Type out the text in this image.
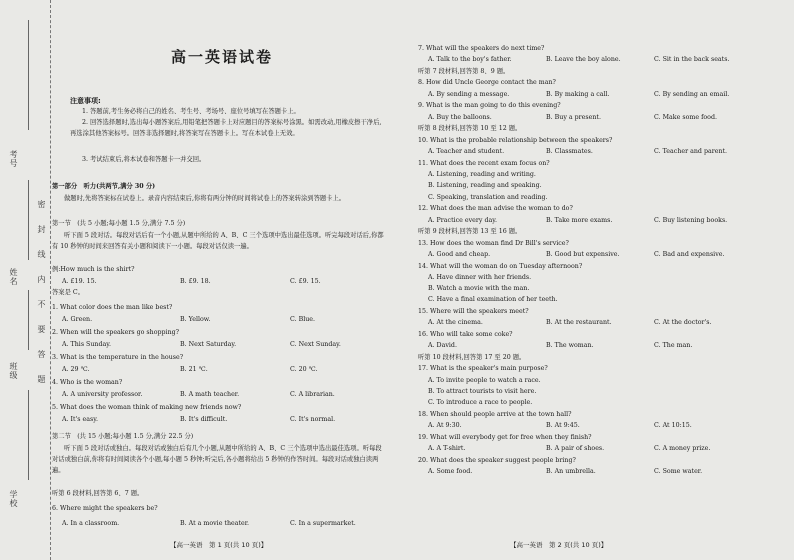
考号
姓名
班级
学校
密
封
线
内
不
要
答
题
高一英语试卷
注意事项:
1. 答题前,考生务必将自己的姓名、考生号、考场号、座位号填写在答题卡上。
2. 回答选择题时,选出每小题答案后,用铅笔把答题卡上对应题目的答案标号涂黑。如需改动,用橡皮擦干净后,再选涂其他答案标号。回答非选择题时,将答案写在答题卡上。写在本试卷上无效。
3. 考试结束后,将本试卷和答题卡一并交回。
第一部分　听力(共两节,满分 30 分)
做题时,先将答案标在试卷上。录音内容结束后,你将有两分钟的时间将试卷上的答案转涂到答题卡上。
第一节　(共 5 小题;每小题 1.5 分,满分 7.5 分)
听下面 5 段对话。每段对话后有一个小题,从题中所给的 A、B、C 三个选项中选出最佳选项。听完每段对话后,你都有 10 秒钟的时间来回答有关小题和阅读下一小题。每段对话仅读一遍。
例:How much is the shirt?
A. £19. 15.	B. £9. 18.	C. £9. 15.
答案是 C。
1. What color does the man like best?
A. Green.	B. Yellow.	C. Blue.
2. When will the speakers go shopping?
A. This Sunday.	B. Next Saturday.	C. Next Sunday.
3. What is the temperature in the house?
A. 29 ℃.	B. 21 ℃.	C. 20 ℃.
4. Who is the woman?
A. A university professor.	B. A math teacher.	C. A librarian.
5. What does the woman think of making new friends now?
A. It's easy.	B. It's difficult.	C. It's normal.
第二节　(共 15 小题;每小题 1.5 分,满分 22.5 分)
听下面 5 段对话或独白。每段对话或独白后有几个小题,从题中所给的 A、B、C 三个选项中选出最佳选项。听每段对话或独白前,你将有时间阅读各个小题,每小题 5 秒钟;听完后,各小题将给出 5 秒钟的作答时间。每段对话或独白读两遍。
听第 6 段材料,回答第 6、7 题。
6. Where might the speakers be?
A. In a classroom.	B. At a movie theater.	C. In a supermarket.
【高一英语　第 1 页(共 10 页)】
7. What will the speakers do next time?
A. Talk to the boy's father.	B. Leave the boy alone.	C. Sit in the back seats.
听第 7 段材料,回答第 8、9 题。
8. How did Uncle George contact the man?
A. By sending a message.	B. By making a call.	C. By sending an email.
9. What is the man going to do this evening?
A. Buy the balloons.	B. Buy a present.	C. Make some food.
听第 8 段材料,回答第 10 至 12 题。
10. What is the probable relationship between the speakers?
A. Teacher and student.	B. Classmates.	C. Teacher and parent.
11. What does the recent exam focus on?
A. Listening, reading and writing.
B. Listening, reading and speaking.
C. Speaking, translation and reading.
12. What does the man advise the woman to do?
A. Practice every day.	B. Take more exams.	C. Buy listening books.
听第 9 段材料,回答第 13 至 16 题。
13. How does the woman find Dr Bill's service?
A. Good and cheap.	B. Good but expensive.	C. Bad and expensive.
14. What will the woman do on Tuesday afternoon?
A. Have dinner with her friends.
B. Watch a movie with the man.
C. Have a final examination of her teeth.
15. Where will the speakers meet?
A. At the cinema.	B. At the restaurant.	C. At the doctor's.
16. Who will take some coke?
A. David.	B. The woman.	C. The man.
听第 10 段材料,回答第 17 至 20 题。
17. What is the speaker's main purpose?
A. To invite people to watch a race.
B. To attract tourists to visit here.
C. To introduce a race to people.
18. When should people arrive at the town hall?
A. At 9:30.	B. At 9:45.	C. At 10:15.
19. What will everybody get for free when they finish?
A. A T-shirt.	B. A pair of shoes.	C. A money prize.
20. What does the speaker suggest people bring?
A. Some food.	B. An umbrella.	C. Some water.
【高一英语　第 2 页(共 10 页)】
